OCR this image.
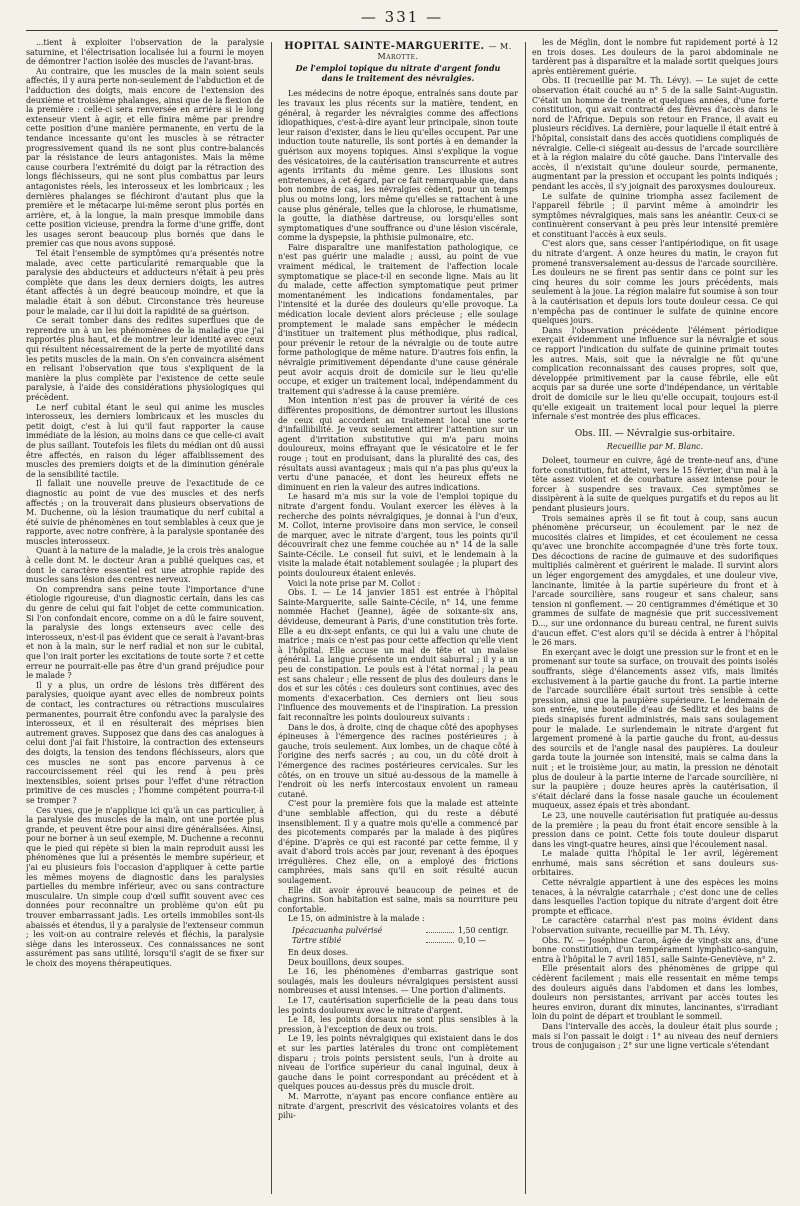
— 331 —

...tient à exploiter l'observation de la paralysie saturnine, et l'électrisation localisée lui a fourni le moyen de démontrer l'action isolée des muscles de l'avant-bras.

Au contraire, que les muscles de la main soient seuls affectés, il y aura perte non-seulement de l'abduction et de l'adduction des doigts, mais encore de l'extension des deuxième et troisième phalanges, ainsi que de la flexion de la première : celle-ci sera renversée en arrière si le long extenseur vient à agir, et elle finira même par prendre cette position d'une manière permanente, en vertu de la tendance incessante qu'ont les muscles à se rétracter progressivement quand ils ne sont plus contre-balancés par la résistance de leurs antagonistes. Mais la même cause courbera l'extrémité du doigt par la rétraction des longs fléchisseurs, qui ne sont plus combattus par leurs antagonistes réels, les interosseux et les lombricaux ; les dernières phalanges se fléchiront d'autant plus que la première et le métacarpe lui-même seront plus portés en arrière, et, à la longue, la main presque immobile dans cette position vicieuse, prendra la forme d'une griffe, dont les usages seront beaucoup plus bornés que dans le premier cas que nous avons supposé.

Tel était l'ensemble de symptômes qu'a présentés notre malade, avec cette particularité remarquable que la paralysie des abducteurs et adducteurs n'était à peu près complète que dans les deux derniers doigts, les autres étant affectés à un degré beaucoup moindre, et que la maladie était à son début. Circonstance très heureuse pour le malade, car il lui doit la rapidité de sa guérison.

Ce serait tomber dans des redites superflues que de reprendre un à un les phénomènes de la maladie que j'ai rapportés plus haut, et de montrer leur identité avec ceux qui résultent nécessairement de la perte de myotilité dans les petits muscles de la main. On s'en convaincra aisément en relisant l'observation que tous s'expliquent de la manière la plus complète par l'existence de cette seule paralysie, à l'aide des considérations physiologiques qui précèdent.

Le nerf cubital étant le seul qui anime les muscles interosseux, les derniers lombricaux et les muscles du petit doigt, c'est à lui qu'il faut rapporter la cause immédiate de la lésion, au moins dans ce que celle-ci avait de plus saillant. Toutefois les filets du médian ont dû aussi être affectés, en raison du léger affaiblissement des muscles des premiers doigts et de la diminution générale de la sensibilité tactile.

Il fallait une nouvelle preuve de l'exactitude de ce diagnostic au point de vue des muscles et des nerfs affectés ; on la trouverait dans plusieurs observations de M. Duchenne, où la lésion traumatique du nerf cubital a été suivie de phénomènes en tout semblables à ceux que je rapporte, avec notre confrère, à la paralysie spontanée des muscles interosseux.

Quant à la nature de la maladie, je la crois très analogue à celle dont M. le docteur Aran a publié quelques cas, et dont le caractère essentiel est une atrophie rapide des muscles sans lésion des centres nerveux.

On comprendra sans peine toute l'importance d'une étiologie rigoureuse, d'un diagnostic certain, dans les cas du genre de celui qui fait l'objet de cette communication. Si l'on confondait encore, comme on a dû le faire souvent, la paralysie des longs extenseurs avec celle des interosseux, n'est-il pas évident que ce serait à l'avant-bras et non à la main, sur le nerf radial et non sur le cubital, que l'on irait porter les excitations de toute sorte ? et cette erreur ne pourrait-elle pas être d'un grand préjudice pour le malade ?

Il y a plus, un ordre de lésions très différent des paralysies, quoique ayant avec elles de nombreux points de contact, les contractures ou rétractions musculaires permanentes, pourrait être confondu avec la paralysie des interosseux, et il en résulterait des méprises bien autrement graves. Supposez que dans des cas analogues à celui dont j'ai fait l'histoire, la contraction des extenseurs des doigts, la tension des tendons fléchisseurs, alors que ces muscles ne sont pas encore parvenus à ce raccourcissement réel qui les rend à peu près inextensibles, soient prises pour l'effet d'une rétraction primitive de ces muscles ; l'homme compétent pourra-t-il se tromper ?

Ces vues, que je n'applique ici qu'à un cas particulier, à la paralysie des muscles de la main, ont une portée plus grande, et peuvent être pour ainsi dire généralisées. Ainsi, pour ne borner à un seul exemple, M. Duchenne a reconnu que le pied qui répète si bien la main reproduit aussi les phénomènes que lui a présentés le membre supérieur, et j'ai eu plusieurs fois l'occasion d'appliquer à cette partie les mêmes moyens de diagnostic dans les paralysies partielles du membre inférieur, avec ou sans contracture musculaire. Un simple coup d'œil suffit souvent avec ces données pour reconnaître un problème qu'on eût pu trouver embarrassant jadis. Les orteils immobiles sont-ils abaissés et étendus, il y a paralysie de l'extenseur commun ; les voit-on au contraire relevés et fléchis, la paralysie siège dans les interosseux. Ces connaissances ne sont assurément pas sans utilité, lorsqu'il s'agit de se fixer sur le choix des moyens thérapeutiques.

HOPITAL SAINTE-MARGUERITE. — M. Marotte.
De l'emploi topique du nitrate d'argent fondu dans le traitement des névralgies.

Les médecins de notre époque, entraînés sans doute par les travaux les plus récents sur la matière, tendent, en général, à regarder les névralgies comme des affections idiopathiques, c'est-à-dire ayant leur principale, sinon toute leur raison d'exister, dans le lieu qu'elles occupent. Par une induction toute naturelle, ils sont portés à en demander la guérison aux moyens topiques. Ainsi s'explique la vogue des vésicatoires, de la cautérisation transcurrente et autres agents irritants du même genre. Les illusions sont entretenues, à cet égard, par ce fait remarquable que, dans bon nombre de cas, les névralgies cèdent, pour un temps plus ou moins long, lors même qu'elles se rattachent à une cause plus générale, telles que la chlorose, le rhumatisme, la goutte, la diathèse dartreuse, ou lorsqu'elles sont symptomatiques d'une souffrance ou d'une lésion viscérale, comme la dyspepsie, la phthisie pulmonaire, etc.

Faire disparaître une manifestation pathologique, ce n'est pas guérir une maladie ; aussi, au point de vue vraiment médical, le traitement de l'affection locale symptomatique se place-t-il en seconde ligne. Mais au lit du malade, cette affection symptomatique peut primer momentanément les indications fondamentales, par l'intensité et la durée des douleurs qu'elle provoque. La médication locale devient alors précieuse ; elle soulage promptement le malade sans empêcher le médecin d'instituer un traitement plus méthodique, plus radical, pour prévenir le retour de la névralgie ou de toute autre forme pathologique de même nature. D'autres fois enfin, la névralgie primitivement dépendante d'une cause générale peut avoir acquis droit de domicile sur le lieu qu'elle occupe, et exiger un traitement local, indépendamment du traitement qui s'adresse à la cause première.

Mon intention n'est pas de prouver la vérité de ces différentes propositions, de démontrer surtout les illusions de ceux qui accordent au traitement local une sorte d'infaillibilité. Je veux seulement attirer l'attention sur un agent d'irritation substitutive qui m'a paru moins douloureux, moins effrayant que le vésicatoire et le fer rouge ; tout en produisant, dans la pluralité des cas, des résultats aussi avantageux ; mais qui n'a pas plus qu'eux la vertu d'une panacée, et dont les heureux effets ne diminuent en rien la valeur des autres indications.

Le hasard m'a mis sur la voie de l'emploi topique du nitrate d'argent fondu. Voulant exercer les élèves à la recherche des points névralgiques, je donnai à l'un d'eux, M. Collot, interne provisoire dans mon service, le conseil de marquer, avec le nitrate d'argent, tous les points qu'il découvrirait chez une femme couchée au n° 14 de la salle Sainte-Cécile. Le conseil fut suivi, et le lendemain à la visite la malade était notablement soulagée ; la plupart des points douloureux étaient enlevés.

Voici la note prise par M. Collot :

Obs. I. — Le 14 janvier 1851 est entrée à l'hôpital Sainte-Marguerite, salle Sainte-Cécile, n° 14, une femme nommée Hachet (Jeanne), âgée de soixante-six ans, dévideuse, demeurant à Paris, d'une constitution très forte. Elle a eu dix-sept enfants, ce qui lui a valu une chute de matrice ; mais ce n'est pas pour cette affection qu'elle vient à l'hôpital. Elle accuse un mal de tête et un malaise général. La langue présente un enduit saburral ; il y a un peu de constipation. Le pouls est à l'état normal ; la peau est sans chaleur ; elle ressent de plus des douleurs dans le dos et sur les côtés : ces douleurs sont continues, avec des moments d'exacerbation. Ces derniers ont lieu sous l'influence des mouvements et de l'inspiration. La pression fait reconnaître les points douloureux suivants :

Dans le dos, à droite, cinq de chaque côté des apophyses épineuses à l'émergence des racines postérieures ; à gauche, trois seulement. Aux lombes, un de chaque côté à l'origine des nerfs sacrés ; au cou, un du côté droit à l'émergence des racines postérieures cervicales. Sur les côtés, on en trouve un situé au-dessous de la mamelle à l'endroit où les nerfs intercostaux envoient un rameau cutané.

C'est pour la première fois que la malade est atteinte d'une semblable affection, qui du reste a débuté insensiblement. Il y a quatre mois qu'elle a commencé par des picotements comparés par la malade à des piqûres d'épine. D'après ce qui est raconté par cette femme, il y avait d'abord trois accès par jour, revenant à des époques irrégulières. Chez elle, on a employé des frictions camphrées, mais sans qu'il en soit résulté aucun soulagement.

Elle dit avoir éprouvé beaucoup de peines et de chagrins. Son habitation est saine, mais sa nourriture peu confortable.

Le 15, on administre à la malade :

Ipécacuanha pulvérisé	1,50 centigr.
Tartre stibié	0,10 —

En deux doses.

Deux bouillons, deux soupes.

Le 16, les phénomènes d'embarras gastrique sont soulagés, mais les douleurs névralgiques persistent aussi nombreuses et aussi intenses. — Une portion d'aliments.

Le 17, cautérisation superficielle de la peau dans tous les points douloureux avec le nitrate d'argent.

Le 18, les points dorsaux ne sont plus sensibles à la pression, à l'exception de deux ou trois.

Le 19, les points névralgiques qui existaient dans le dos et sur les parties latérales du tronc ont complètement disparu ; trois points persistent seuls, l'un à droite au niveau de l'orifice supérieur du canal inguinal, deux à gauche dans le point correspondant au précédent et à quelques pouces au-dessus près du muscle droit.

M. Marrotte, n'ayant pas encore confiance entière au nitrate d'argent, prescrivit des vésicatoires volants et des pilu-

les de Méglin, dont le nombre fut rapidement porté à 12 en trois doses. Les douleurs de la paroi abdominale ne tardèrent pas à disparaître et la malade sortit quelques jours après entièrement guérie.

Obs. II (recueillie par M. Th. Lévy). — Le sujet de cette observation était couché au n° 5 de la salle Saint-Augustin. C'était un homme de trente et quelques années, d'une forte constitution, qui avait contracté des fièvres d'accès dans le nord de l'Afrique. Depuis son retour en France, il avait eu plusieurs récidives. La dernière, pour laquelle il était entré à l'hôpital, consistait dans des accès quotidiens compliqués de névralgie. Celle-ci siégeait au-dessus de l'arcade sourcilière et à la région malaire du côté gauche. Dans l'intervalle des accès, il n'existait qu'une douleur sourde, permanente, augmentant par la pression et occupant les points indiqués ; pendant les accès, il s'y joignait des paroxysmes douloureux.

Le sulfate de quinine triompha assez facilement de l'appareil fébrile ; il parvint même à amoindrir les symptômes névralgiques, mais sans les anéantir. Ceux-ci se continuèrent conservant à peu près leur intensité première et constituant l'accès à eux seuls.

C'est alors que, sans cesser l'antipériodique, on fit usage du nitrate d'argent. À onze heures du matin, le crayon fut promené transversalement au-dessus de l'arcade sourcilière. Les douleurs ne se firent pas sentir dans ce point sur les cinq heures du soir comme les jours précédents, mais seulement à la joue. La région malaire fut soumise à son tour à la cautérisation et depuis lors toute douleur cessa. Ce qui n'empêcha pas de continuer le sulfate de quinine encore quelques jours.

Dans l'observation précédente l'élément périodique exerçait évidemment une influence sur la névralgie et sous ce rapport l'indication du sulfate de quinine primait toutes les autres. Mais, soit que la névralgie ne fût qu'une complication reconnaissant des causes propres, soit que, développée primitivement par la cause fébrile, elle eût acquis par sa durée une sorte d'indépendance, un véritable droit de domicile sur le lieu qu'elle occupait, toujours est-il qu'elle exigeait un traitement local pour lequel la pierre infernale s'est montrée des plus efficaces.

Obs. III. — Névralgie sus-orbitaire.
Recueillie par M. Blanc.

Doleet, tourneur en cuivre, âgé de trente-neuf ans, d'une forte constitution, fut atteint, vers le 15 février, d'un mal à la tête assez violent et de courbature assez intense pour le forcer à suspendre ses travaux. Ces symptômes se dissipèrent à la suite de quelques purgatifs et du repos au lit pendant plusieurs jours.

Trois semaines après il se fit tout à coup, sans aucun phénomène précurseur, un écoulement par le nez de mucosités claires et limpides, et cet écoulement ne cessa qu'avec une bronchite accompagnée d'une très forte toux. Des décoctions de racine de guimauve et des sudorifiques multipliés calmèrent et guérirent le malade. Il survint alors un léger engorgement des amygdales, et une douleur vive, lancinante, limitée à la partie supérieure du front et à l'arcade sourcilière, sans rougeur et sans chaleur, sans tension ni gonflement. — 20 centigrammes d'émétique et 30 grammes de sulfate de magnésie que prit successivement D..., sur une ordonnance du bureau central, ne furent suivis d'aucun effet. C'est alors qu'il se décida à entrer à l'hôpital le 26 mars.

En exerçant avec le doigt une pression sur le front et en le promenant sur toute sa surface, on trouvait des points isolés souffrants, siège d'élancements assez vifs, mais limités exclusivement à la partie gauche du front. La partie interne de l'arcade sourcilière était surtout très sensible à cette pression, ainsi que la paupière supérieure. Le lendemain de son entrée, une bouteille d'eau de Sedlitz et des bains de pieds sinapisés furent administrés, mais sans soulagement pour le malade. Le surlendemain le nitrate d'argent fut largement promené à la partie gauche du front, au-dessus des sourcils et de l'angle nasal des paupières. La douleur garda toute la journée son intensité, mais se calma dans la nuit ; et le troisième jour, au matin, la pression ne dénotait plus de douleur à la partie interne de l'arcade sourcilière, ni sur la paupière ; douze heures après la cautérisation, il s'était déclaré dans la fosse nasale gauche un écoulement muqueux, assez épais et très abondant.

Le 23, une nouvelle cautérisation fut pratiquée au-dessus de la première ; la peau du front était encore sensible à la pression dans ce point. Cette fois toute douleur disparut dans les vingt-quatre heures, ainsi que l'écoulement nasal.

Le malade quitta l'hôpital le 1er avril, légèrement enrhumé, mais sans sécrétion et sans douleurs sus-orbitaires.

Cette névralgie appartient à une des espèces les moins tenaces, à la névralgie catarrhale ; c'est donc une de celles dans lesquelles l'action topique du nitrate d'argent doit être prompte et efficace.

Le caractère catarrhal n'est pas moins évident dans l'observation suivante, recueillie par M. Th. Lévy.

Obs. IV. — Joséphine Caron, âgée de vingt-six ans, d'une bonne constitution, d'un tempérament lymphatico-sanguin, entra à l'hôpital le 7 avril 1851, salle Sainte-Geneviève, n° 2.

Elle présentait alors des phénomènes de grippe qui cédèrent facilement ; mais elle ressentait en même temps des douleurs aiguës dans l'abdomen et dans les lombes, douleurs non persistantes, arrivant par accès toutes les heures environ, durant dix minutes, lancinantes, s'irradiant loin du point de départ et troublant le sommeil.

Dans l'intervalle des accès, la douleur était plus sourde ; mais si l'on passait le doigt : 1° au niveau des neuf derniers trous de conjugaison ; 2° sur une ligne verticale s'étendant
